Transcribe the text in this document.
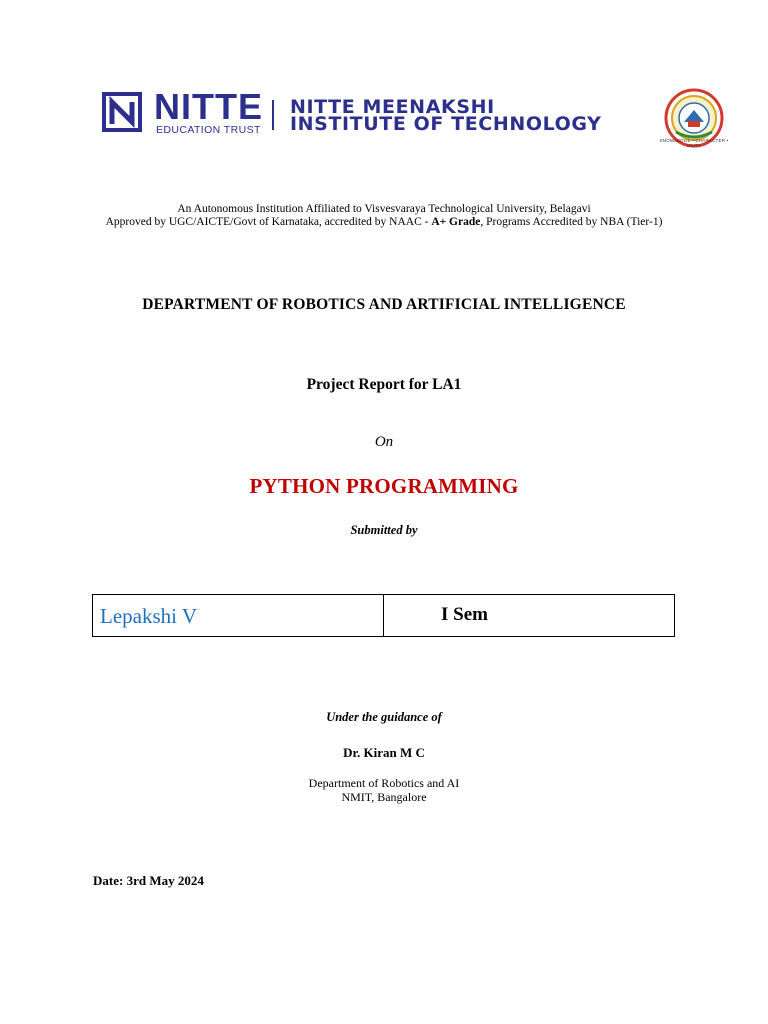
NITTE
EDUCATION TRUST
NITTE MEENAKSHI
INSTITUTE OF TECHNOLOGY
KNOWLEDGE • CHARACTER • UNITY
An Autonomous Institution Affiliated to Visvesvaraya Technological University, Belagavi
Approved by UGC/AICTE/Govt of Karnataka, accredited by NAAC - A+ Grade, Programs Accredited by NBA (Tier-1)
DEPARTMENT OF ROBOTICS AND ARTIFICIAL INTELLIGENCE
Project Report for LA1
On
PYTHON PROGRAMMING
Submitted by
Lepakshi V	I Sem
Under the guidance of
Dr. Kiran M C
Department of Robotics and AI
NMIT, Bangalore
Date: 3rd May 2024
